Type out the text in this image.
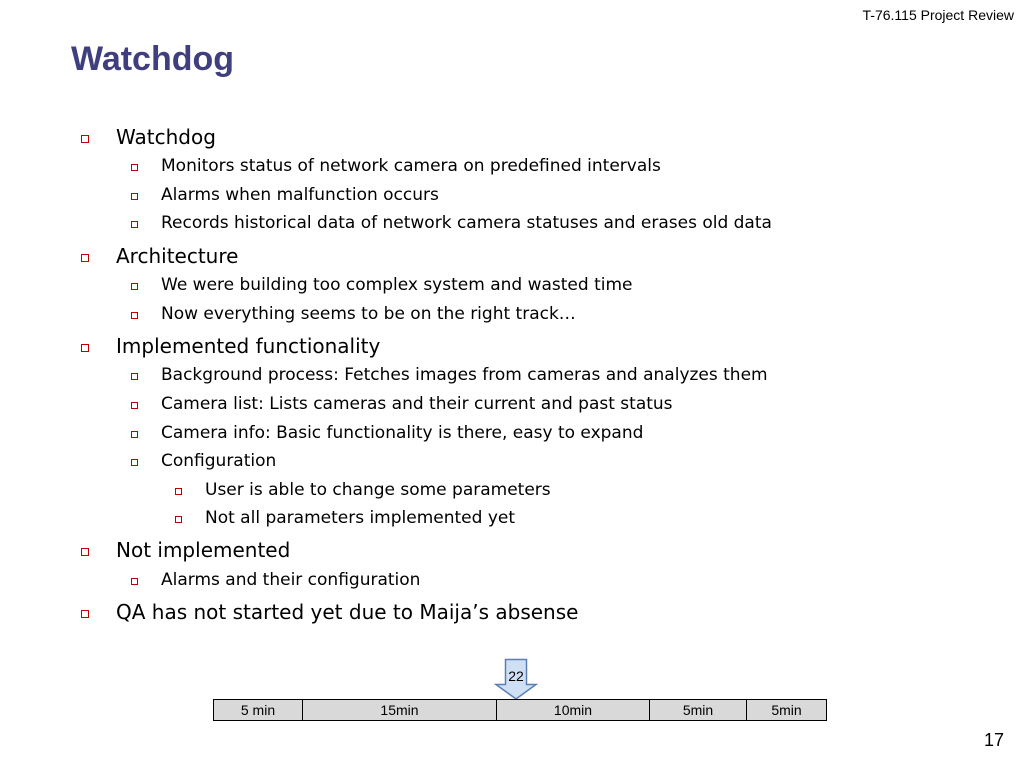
T-76.115 Project Review
Watchdog
Watchdog
Monitors status of network camera on predefined intervals
Alarms when malfunction occurs
Records historical data of network camera statuses and erases old data
Architecture
We were building too complex system and wasted time
Now everything seems to be on the right track…
Implemented functionality
Background process: Fetches images from cameras and analyzes them
Camera list: Lists cameras and their current and past status
Camera info: Basic functionality is there, easy to expand
Configuration
User is able to change some parameters
Not all parameters implemented yet
Not implemented
Alarms and their configuration
QA has not started yet due to Maija’s absense
22
5 min	15min	10min	5min	5min
17
